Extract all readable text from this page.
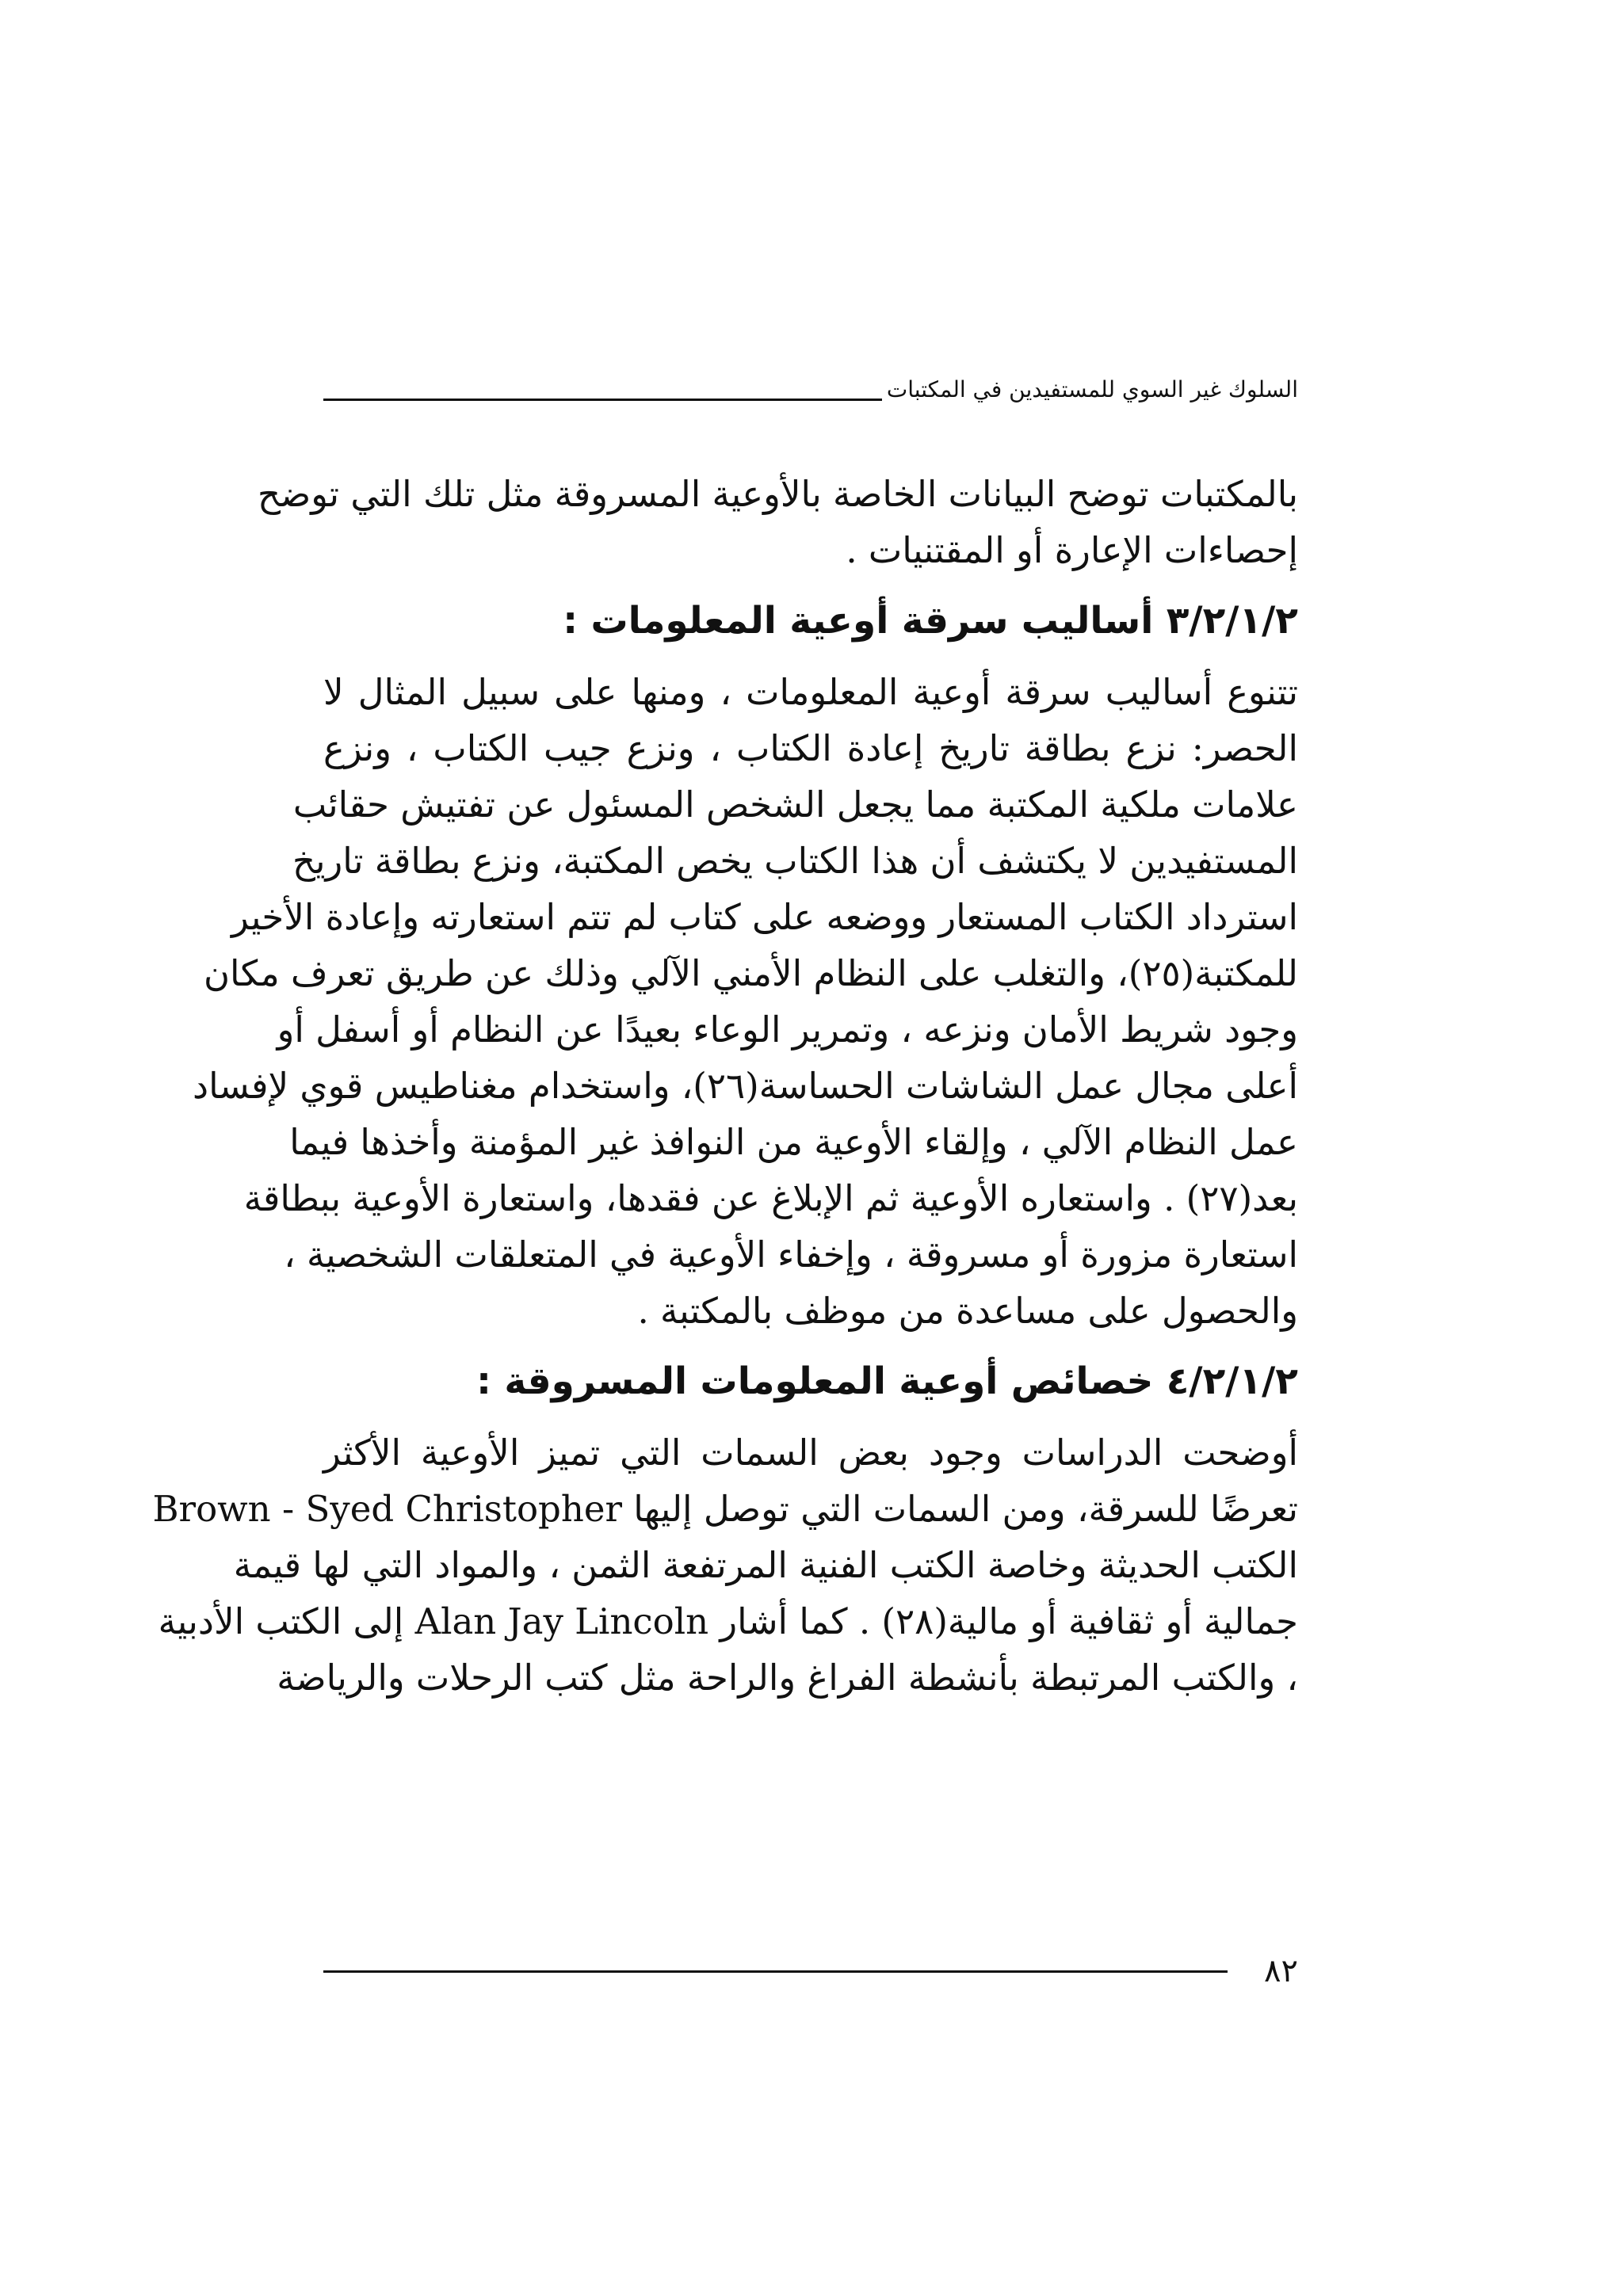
السلوك غير السوي للمستفيدين في المكتبات

بالمكتبات توضح البيانات الخاصة بالأوعية المسروقة مثل تلك التي توضح
إحصاءات الإعارة أو المقتنيات .

٣/٢/١/٢ أساليب سرقة أوعية المعلومات :

تتنوع أساليب سرقة أوعية المعلومات ، ومنها على سبيل المثال لا
الحصر: نزع بطاقة تاريخ إعادة الكتاب ، ونزع جيب الكتاب ، ونزع
علامات ملكية المكتبة مما يجعل الشخص المسئول عن تفتيش حقائب
المستفيدين لا يكتشف أن هذا الكتاب يخص المكتبة، ونزع بطاقة تاريخ
استرداد الكتاب المستعار ووضعه على كتاب لم تتم استعارته وإعادة الأخير
للمكتبة(٢٥)، والتغلب على النظام الأمني الآلي وذلك عن طريق تعرف مكان
وجود شريط الأمان ونزعه ، وتمرير الوعاء بعيدًا عن النظام أو أسفل أو
أعلى مجال عمل الشاشات الحساسة(٢٦)، واستخدام مغناطيس قوي لإفساد
عمل النظام الآلي ، وإلقاء الأوعية من النوافذ غير المؤمنة وأخذها فيما
بعد(٢٧) . واستعاره الأوعية ثم الإبلاغ عن فقدها، واستعارة الأوعية ببطاقة
استعارة مزورة أو مسروقة ، وإخفاء الأوعية في المتعلقات الشخصية ،
والحصول على مساعدة من موظف بالمكتبة .

٤/٢/١/٢ خصائص أوعية المعلومات المسروقة :

أوضحت الدراسات وجود بعض السمات التي تميز الأوعية الأكثر
تعرضًا للسرقة، ومن السمات التي توصل إليها Brown - Syed Christopher
الكتب الحديثة وخاصة الكتب الفنية المرتفعة الثمن ، والمواد التي لها قيمة
جمالية أو ثقافية أو مالية(٢٨) . كما أشار Alan Jay Lincoln إلى الكتب الأدبية
، والكتب المرتبطة بأنشطة الفراغ والراحة مثل كتب الرحلات والرياضة

٨٢
